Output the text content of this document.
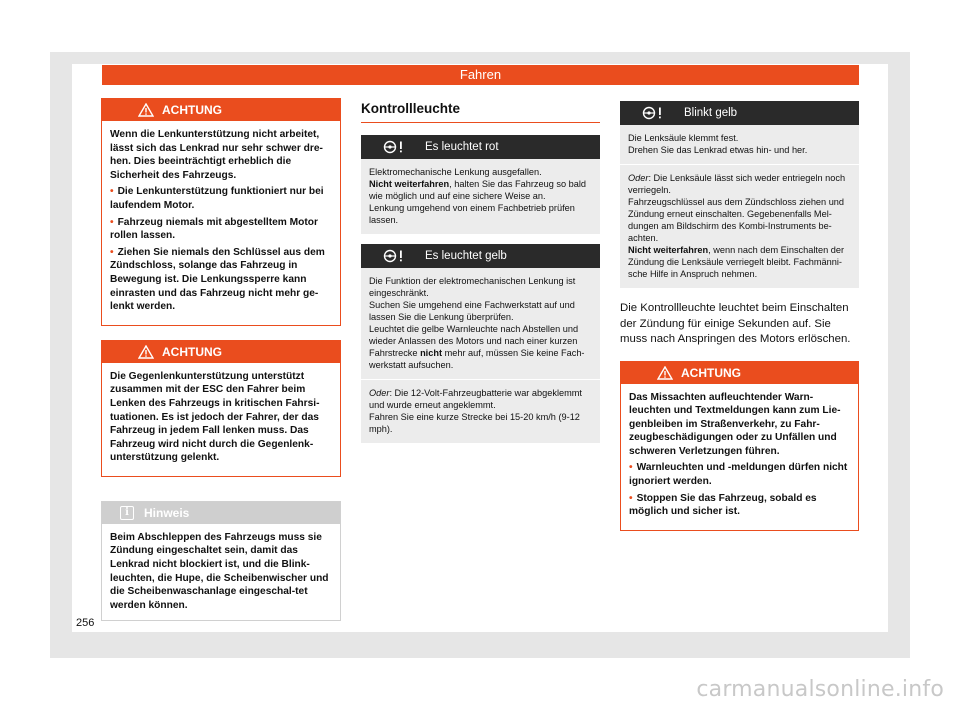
Fahren
ACHTUNG

Wenn die Lenkunterstützung nicht arbeitet, lässt sich das Lenkrad nur sehr schwer dre-hen. Dies beeinträchtigt erheblich die Sicherheit des Fahrzeugs.

• Die Lenkunterstützung funktioniert nur bei laufendem Motor.

• Fahrzeug niemals mit abgestelltem Motor rollen lassen.

• Ziehen Sie niemals den Schlüssel aus dem Zündschloss, solange das Fahrzeug in Bewegung ist. Die Lenkungssperre kann einrasten und das Fahrzeug nicht mehr ge-lenkt werden.

ACHTUNG

Die Gegenlenkunterstützung unterstützt zusammen mit der ESC den Fahrer beim Lenken des Fahrzeugs in kritischen Fahrsi-tuationen. Es ist jedoch der Fahrer, der das Fahrzeug in jedem Fall lenken muss. Das Fahrzeug wird nicht durch die Gegenlenk-unterstützung gelenkt.

i	Hinweis
Beim Abschleppen des Fahrzeugs muss sie Zündung eingeschaltet sein, damit das Lenkrad nicht blockiert ist, und die Blink-leuchten, die Hupe, die Scheibenwischer und die Scheibenwaschanlage eingeschal-tet werden können.
Kontrollleuchte
Es leuchtet rot
Elektromechanische Lenkung ausgefallen.
Nicht weiterfahren, halten Sie das Fahrzeug so bald wie möglich und auf eine sichere Weise an.
Lenkung umgehend von einem Fachbetrieb prüfen lassen.
Es leuchtet gelb
Die Funktion der elektromechanischen Lenkung ist eingeschränkt.
Suchen Sie umgehend eine Fachwerkstatt auf und lassen Sie die Lenkung überprüfen.
Leuchtet die gelbe Warnleuchte nach Abstellen und wieder Anlassen des Motors und nach einer kurzen Fahrstrecke nicht mehr auf, müssen Sie keine Fach-werkstatt aufsuchen.
Oder: Die 12-Volt-Fahrzeugbatterie war abgeklemmt und wurde erneut angeklemmt.
Fahren Sie eine kurze Strecke bei 15-20 km/h (9-12 mph).
Blinkt gelb
Die Lenksäule klemmt fest.
Drehen Sie das Lenkrad etwas hin- und her.
Oder: Die Lenksäule lässt sich weder entriegeln noch verriegeln.
Fahrzeugschlüssel aus dem Zündschloss ziehen und Zündung erneut einschalten. Gegebenenfalls Mel-dungen am Bildschirm des Kombi-Instruments be-achten.
Nicht weiterfahren, wenn nach dem Einschalten der Zündung die Lenksäule verriegelt bleibt. Fachmänni-sche Hilfe in Anspruch nehmen.

Die Kontrollleuchte leuchtet beim Einschalten der Zündung für einige Sekunden auf. Sie muss nach Anspringen des Motors erlöschen.

ACHTUNG

Das Missachten aufleuchtender Warn-leuchten und Textmeldungen kann zum Lie-genbleiben im Straßenverkehr, zu Fahr-zeugbeschädigungen oder zu Unfällen und schweren Verletzungen führen.

• Warnleuchten und -meldungen dürfen nicht ignoriert werden.

• Stoppen Sie das Fahrzeug, sobald es möglich und sicher ist.

256
carmanualsonline.info
